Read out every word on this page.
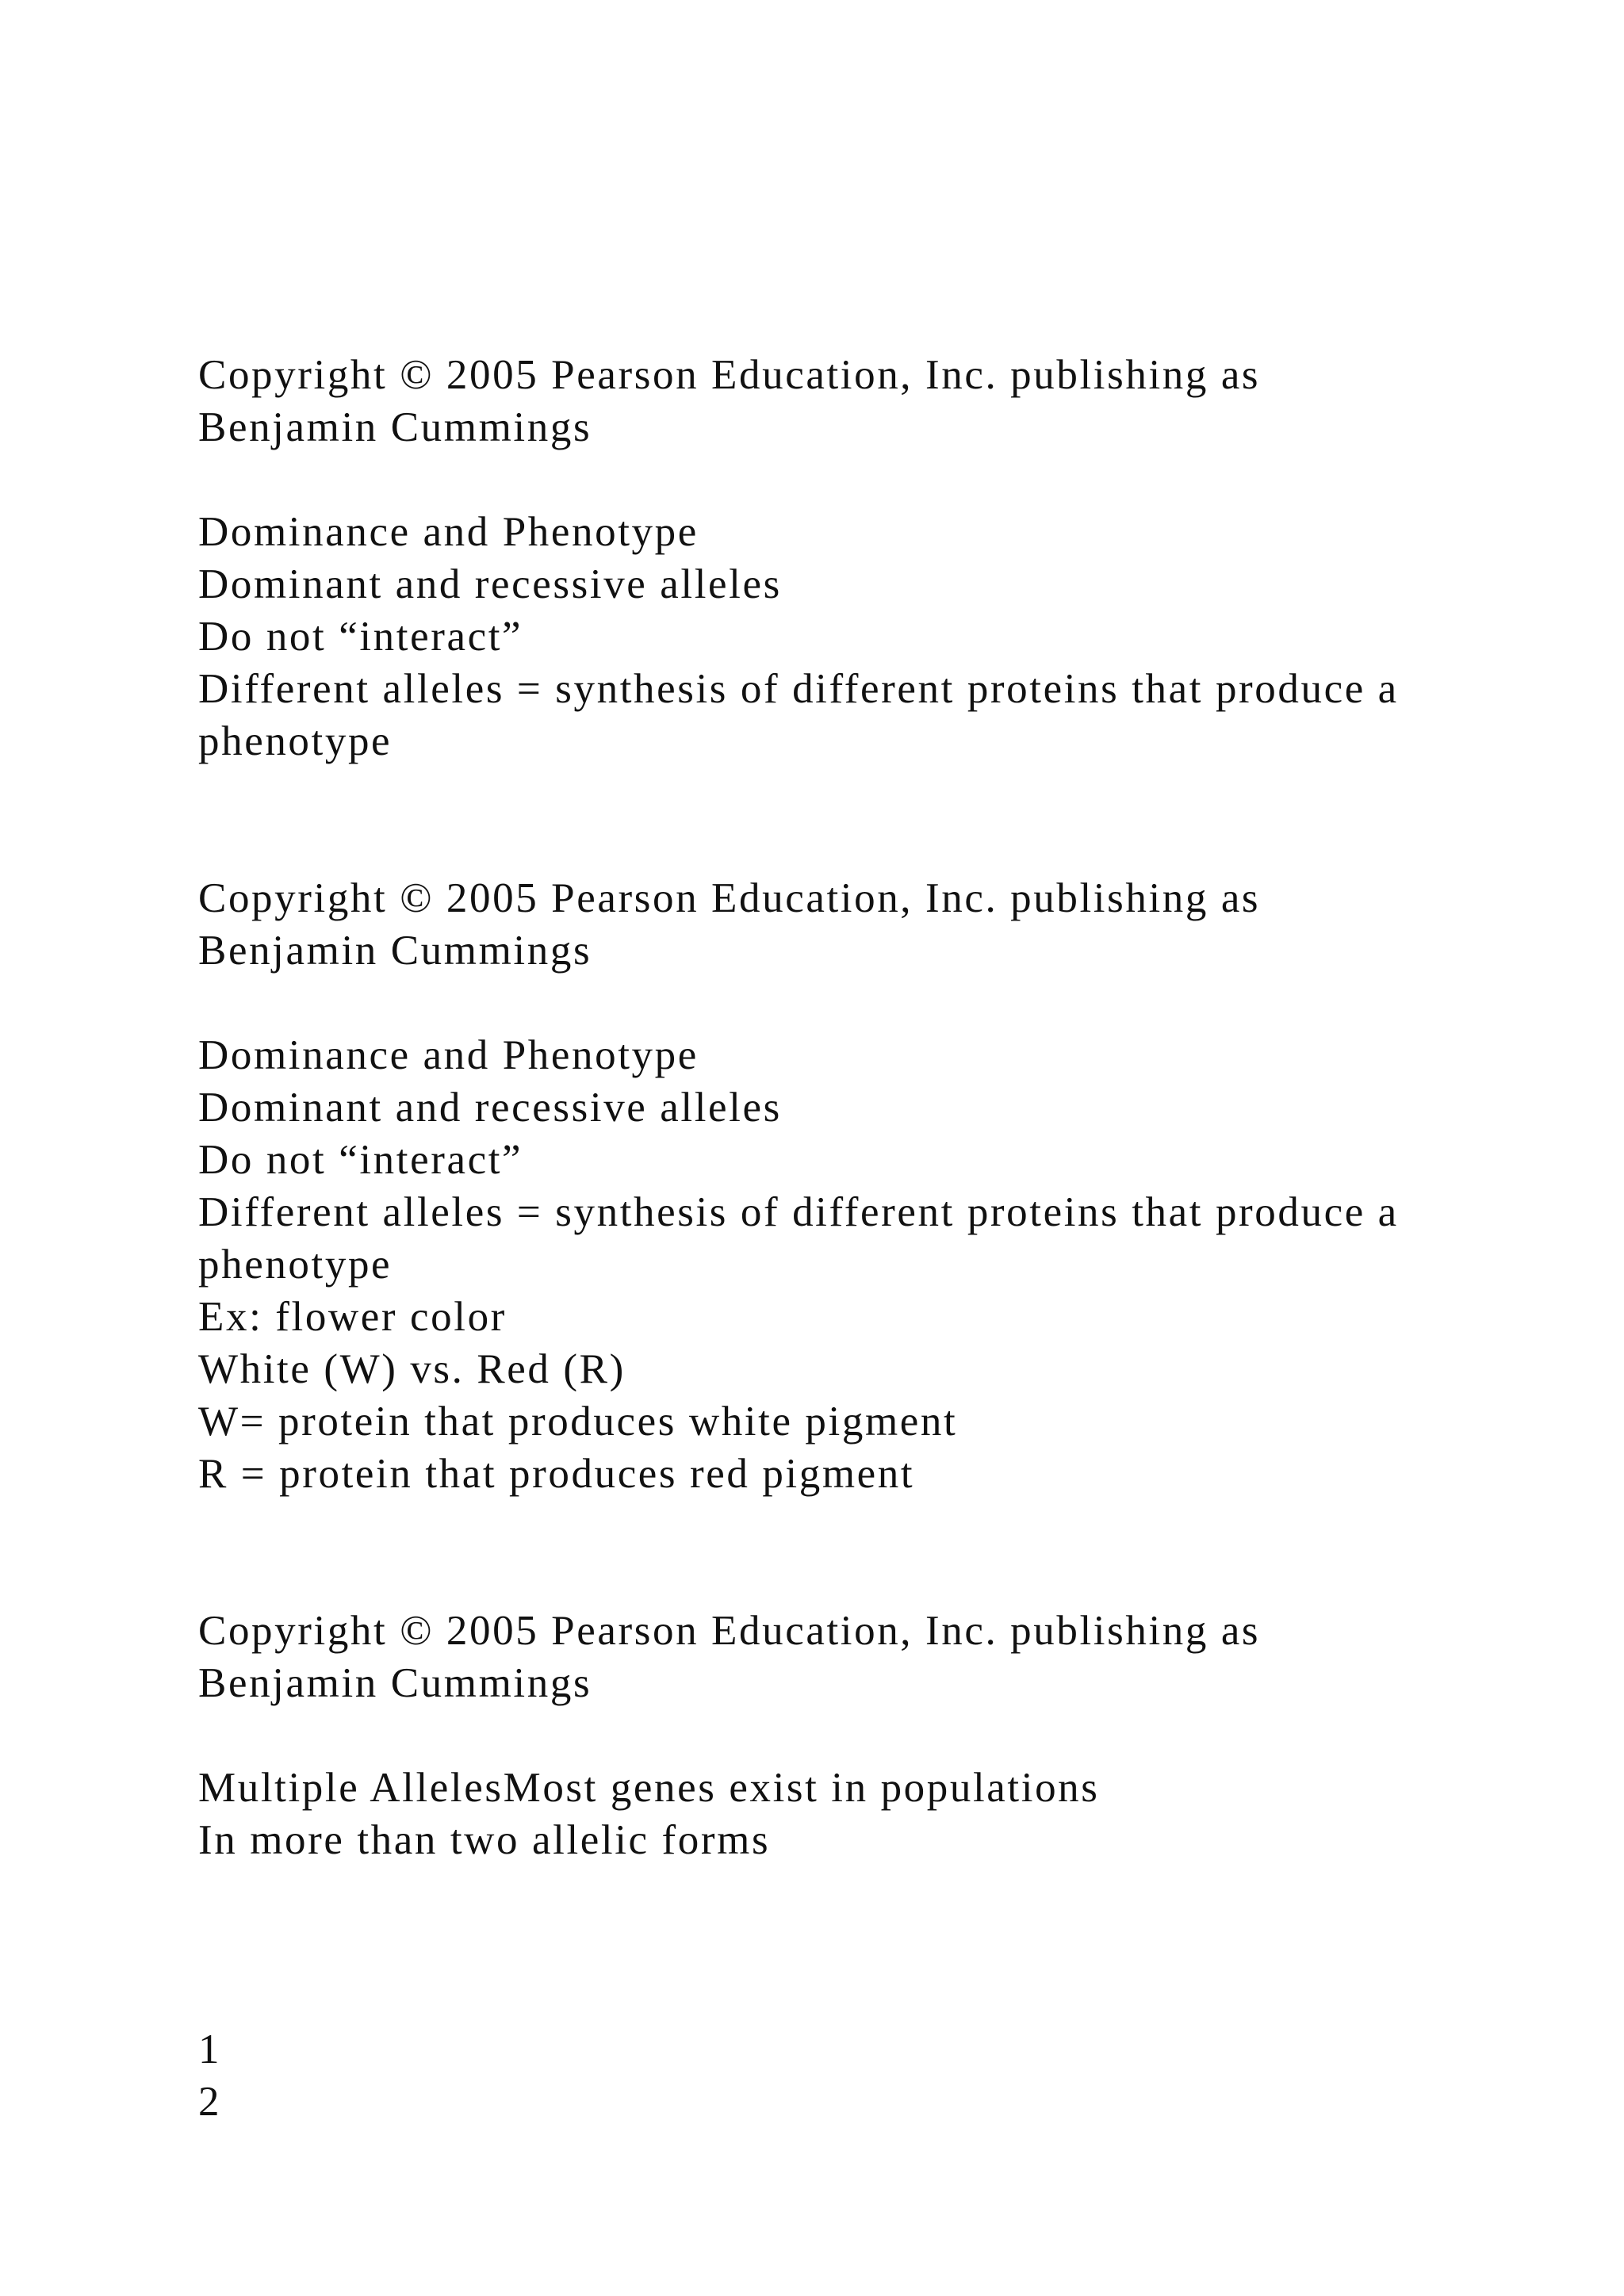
Copyright © 2005 Pearson Education, Inc. publishing as
Benjamin Cummings
Dominance and Phenotype
Dominant and recessive alleles
Do not “interact”
Different alleles = synthesis of different proteins that produce a
phenotype
Copyright © 2005 Pearson Education, Inc. publishing as
Benjamin Cummings
Dominance and Phenotype
Dominant and recessive alleles
Do not “interact”
Different alleles = synthesis of different proteins that produce a
phenotype
Ex: flower color
White (W) vs. Red (R)
W= protein that produces white pigment
R = protein that produces red pigment
Copyright © 2005 Pearson Education, Inc. publishing as
Benjamin Cummings
Multiple AllelesMost genes exist in populations
In more than two allelic forms
1
2
